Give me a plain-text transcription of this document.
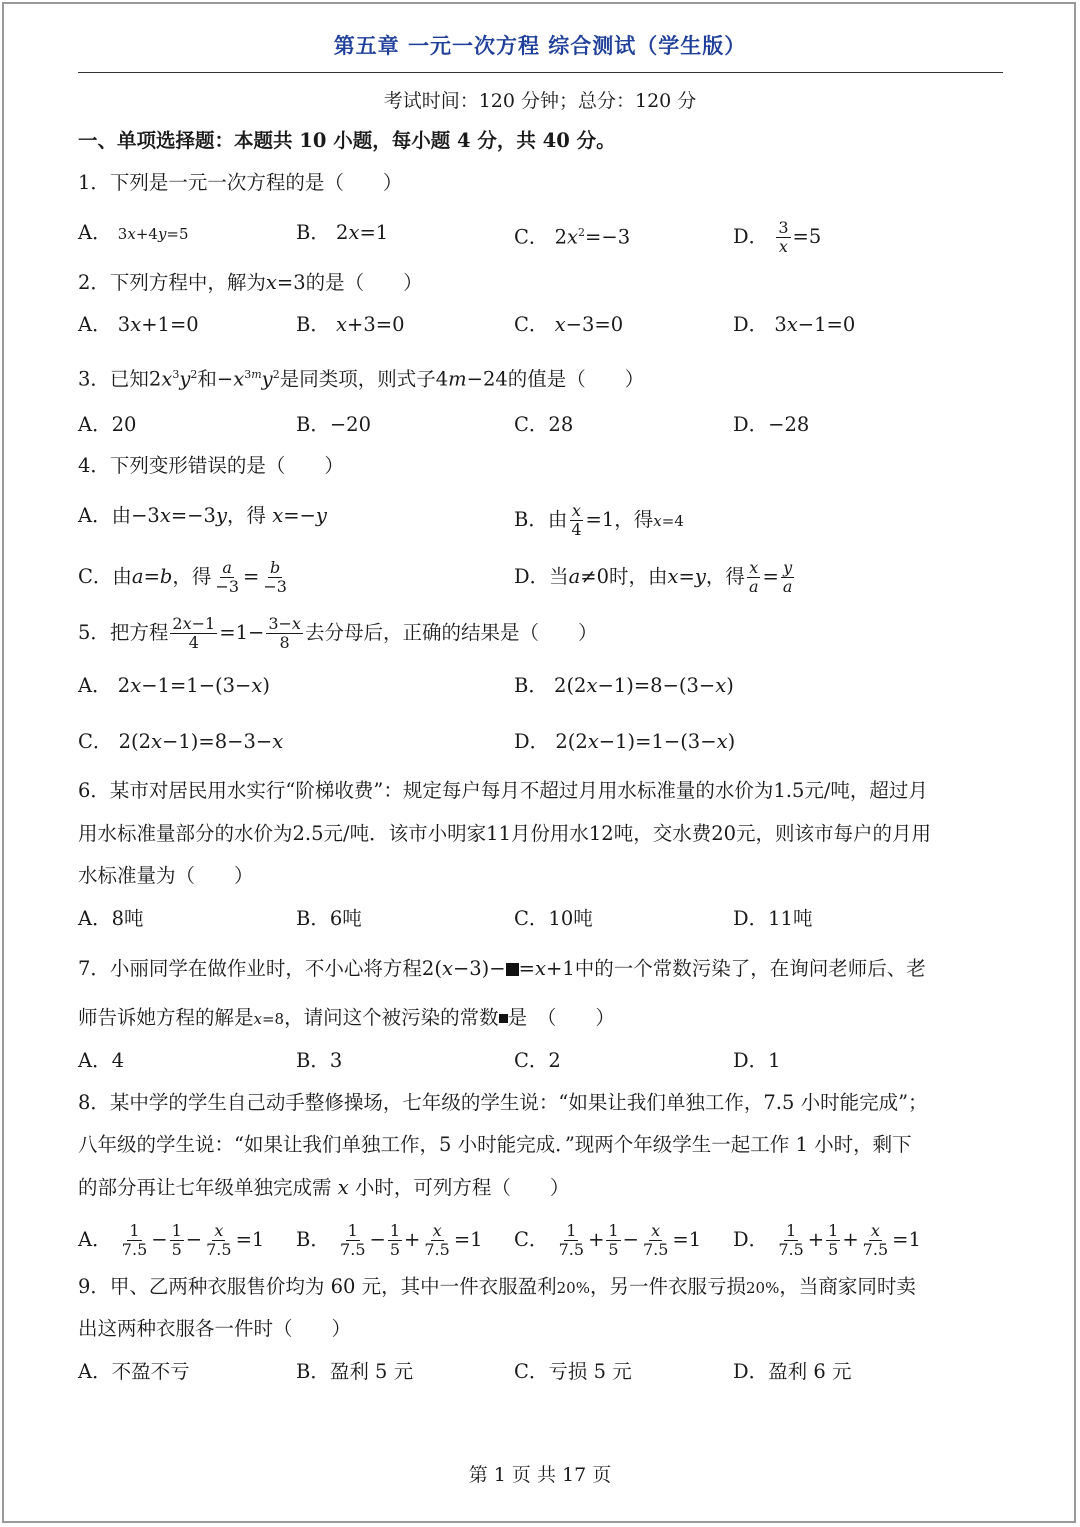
第五章 一元一次方程 综合测试（学生版）
考试时间：120 分钟；总分：120 分
一、单项选择题：本题共 10 小题，每小题 4 分，共 40 分。
1．下列是一元一次方程的是（　　）
A． 3x+4y=5	B． 2x=1	C． $2x^2=-3$	D． $\frac{3}{x} =5$
2．下列方程中，解为x=3的是（　　）
A． 3x+1=0	B． x+3=0	C． x−3=0	D． 3x−1=0
3．已知$2x^3y^2$和$-x^{3m}y^2$是同类项，则式子4m−24的值是（　　）
A．20	B．−20	C．28	D．−28
4．下列变形错误的是（　　）
A．由−3x=−3y，得 x=−y	B．由 $\frac{x}{4} =1$，得x=4
C．由a=b，得 $\frac{a}{-3} = \frac{b}{-3}$	D．当a≠0时，由x=y，得 $\frac{x}{a} = \frac{y}{a}$
5．把方程 $\frac{2x-1}{4} =1- \frac{3-x}{8}$ 去分母后，正确的结果是（　　）
A． 2x−1=1−(3−x)	B． 2(2x−1)=8−(3−x)
C． 2(2x−1)=8−3−x	D． 2(2x−1)=1−(3−x)
6．某市对居民用水实行“阶梯收费”：规定每户每月不超过月用水标准量的水价为1.5元/吨，超过月
用水标准量部分的水价为2.5元/吨．该市小明家11月份用水12吨，交水费20元，则该市每户的月用
水标准量为（　　）
A．8吨	B．6吨	C．10吨	D．11吨
7．小丽同学在做作业时，不小心将方程2(x−3)− =x+1中的一个常数污染了，在询问老师后、老
师告诉她方程的解是x=8，请问这个被污染的常数 是　（　　）
A．4	B．3	C．2	D．1
8．某中学的学生自己动手整修操场，七年级的学生说：“如果让我们单独工作，7.5 小时能完成”；
八年级的学生说：“如果让我们单独工作，5 小时能完成．”现两个年级学生一起工作 1 小时，剩下
的部分再让七年级单独完成需 x 小时，可列方程（　　）
A． $\frac{1}{7.5} - \frac{1}{5} - \frac{x}{7.5} =1$ B． $\frac{1}{7.5} - \frac{1}{5} + \frac{x}{7.5} =1$ C． $\frac{1}{7.5} + \frac{1}{5} - \frac{x}{7.5} =1$ D． $\frac{1}{7.5} + \frac{1}{5} + \frac{x}{7.5} =1$
9．甲、乙两种衣服售价均为 60 元，其中一件衣服盈利20%，另一件衣服亏损20%，当商家同时卖
出这两种衣服各一件时（　　）
A．不盈不亏	B．盈利 5 元	C．亏损 5 元	D．盈利 6 元
第 1 页 共 17 页
